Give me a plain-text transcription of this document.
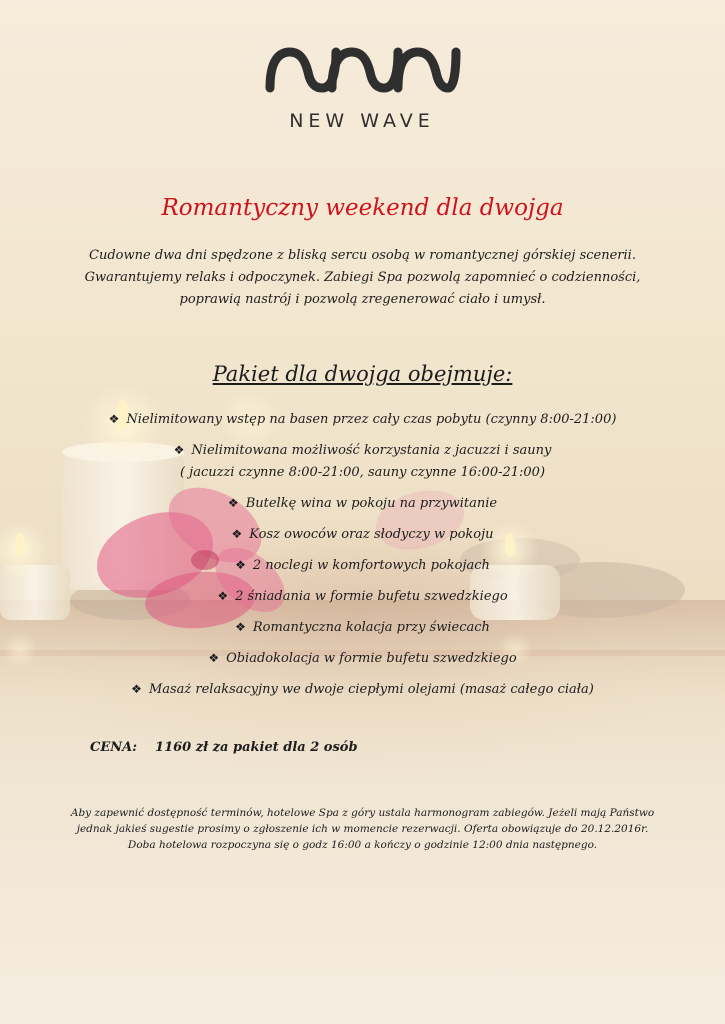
NEW WAVE
Romantyczny weekend dla dwojga

Cudowne dwa dni spędzone z bliską sercu osobą w romantycznej górskiej scenerii. Gwarantujemy relaks i odpoczynek. Zabiegi Spa pozwolą zapomnieć o codzienności, poprawią nastrój i pozwolą zregenerować ciało i umysł.

Pakiet dla dwojga obejmuje:
❖ Nielimitowany wstęp na basen przez cały czas pobytu (czynny 8:00-21:00)
❖ Nielimitowana możliwość korzystania z jacuzzi i sauny
( jacuzzi czynne 8:00-21:00, sauny czynne 16:00-21:00)
❖ Butelkę wina w pokoju na przywitanie
❖ Kosz owoców oraz słodyczy w pokoju
❖ 2 noclegi w komfortowych pokojach
❖ 2 śniadania w formie bufetu szwedzkiego
❖ Romantyczna kolacja przy świecach
❖ Obiadokolacja w formie bufetu szwedzkiego
❖ Masaż relaksacyjny we dwoje ciepłymi olejami (masaż całego ciała)
CENA: 1160 zł za pakiet dla 2 osób

Aby zapewnić dostępność terminów, hotelowe Spa z góry ustala harmonogram zabiegów. Jeżeli mają Państwo jednak jakieś sugestie prosimy o zgłoszenie ich w momencie rezerwacji. Oferta obowiązuje do 20.12.2016r. Doba hotelowa rozpoczyna się o godz 16:00 a kończy o godzinie 12:00 dnia następnego.
